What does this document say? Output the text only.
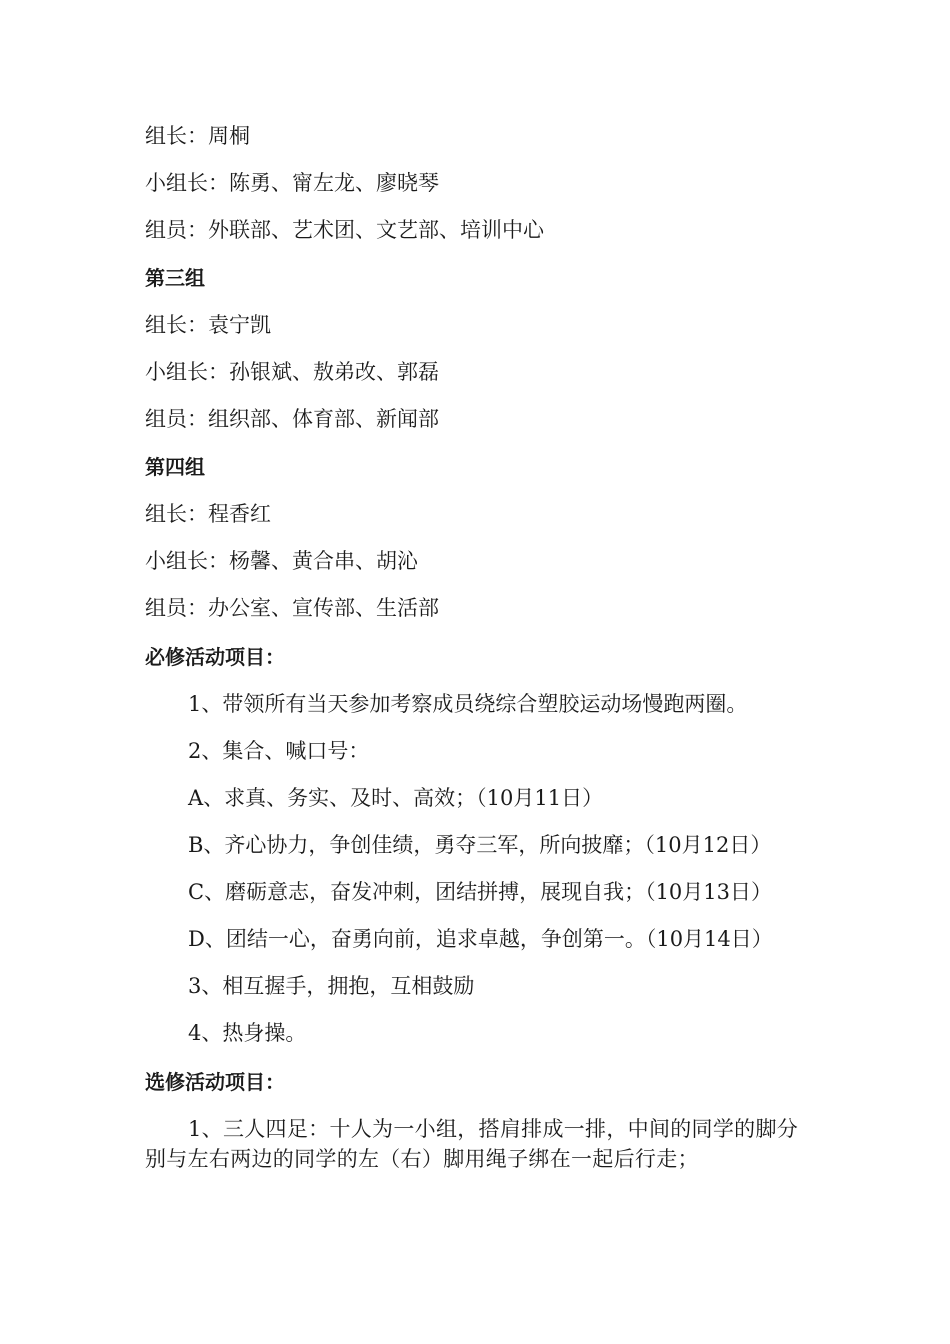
组长：周桐
小组长：陈勇、甯左龙、廖晓琴
组员：外联部、艺术团、文艺部、培训中心
第三组
组长：袁宁凯
小组长：孙银斌、敖弟改、郭磊
组员：组织部、体育部、新闻部
第四组
组长：程香红
小组长：杨馨、黄合串、胡沁
组员：办公室、宣传部、生活部
必修活动项目：
1、带领所有当天参加考察成员绕综合塑胶运动场慢跑两圈。
2、集合、喊口号：
A、求真、务实、及时、高效；（10月11日）
B、齐心协力，争创佳绩，勇夺三军，所向披靡；（10月12日）
C、磨砺意志，奋发冲刺，团结拼搏，展现自我；（10月13日）
D、团结一心，奋勇向前，追求卓越，争创第一。（10月14日）
3、相互握手，拥抱，互相鼓励
4、热身操。
选修活动项目：
1、三人四足：十人为一小组，搭肩排成一排，中间的同学的脚分别与左右两边的同学的左（右）脚用绳子绑在一起后行走；
